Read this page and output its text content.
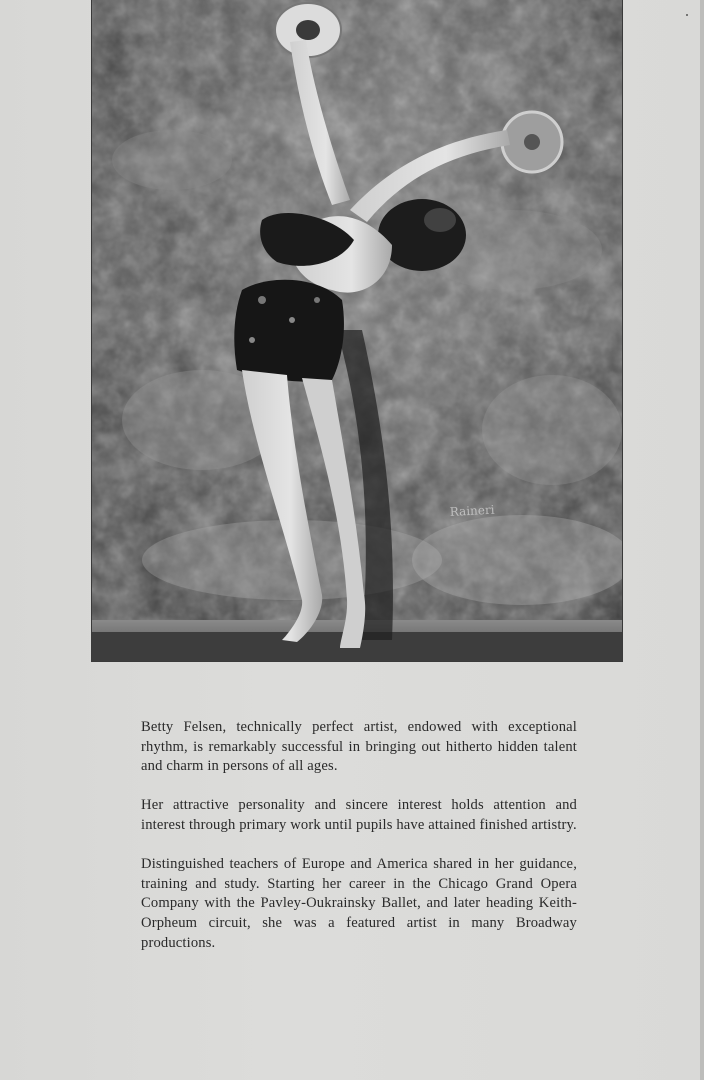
Raineri

Betty Felsen, technically perfect artist, endowed with exceptional rhythm, is remarkably successful in bringing out hitherto hidden talent and charm in persons of all ages.

Her attractive personality and sincere interest holds attention and interest through primary work until pupils have attained finished artistry.

Distinguished teachers of Europe and America shared in her guidance, training and study. Starting her career in the Chicago Grand Opera Company with the Pavley-Oukrainsky Ballet, and later heading Keith-Orpheum circuit, she was a featured artist in many Broadway productions.
